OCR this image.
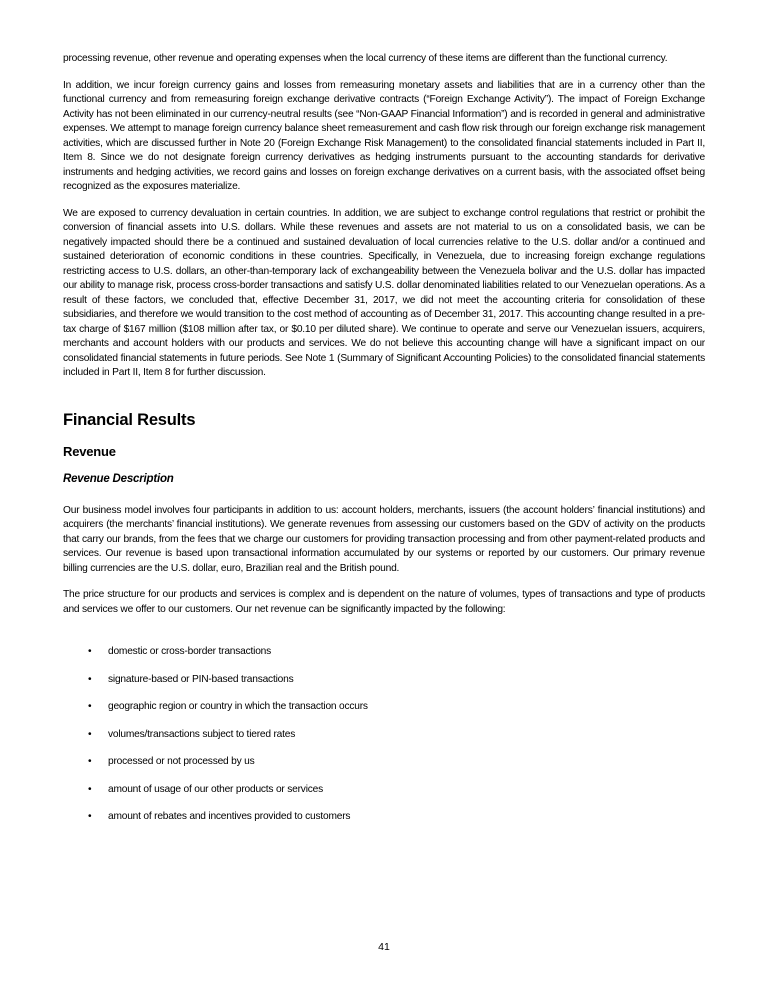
processing revenue, other revenue and operating expenses when the local currency of these items are different than the functional currency.

In addition, we incur foreign currency gains and losses from remeasuring monetary assets and liabilities that are in a currency other than the functional currency and from remeasuring foreign exchange derivative contracts (“Foreign Exchange Activity”). The impact of Foreign Exchange Activity has not been eliminated in our currency-neutral results (see “Non-GAAP Financial Information”) and is recorded in general and administrative expenses. We attempt to manage foreign currency balance sheet remeasurement and cash flow risk through our foreign exchange risk management activities, which are discussed further in Note 20 (Foreign Exchange Risk Management) to the consolidated financial statements included in Part II, Item 8. Since we do not designate foreign currency derivatives as hedging instruments pursuant to the accounting standards for derivative instruments and hedging activities, we record gains and losses on foreign exchange derivatives on a current basis, with the associated offset being recognized as the exposures materialize.

We are exposed to currency devaluation in certain countries. In addition, we are subject to exchange control regulations that restrict or prohibit the conversion of financial assets into U.S. dollars. While these revenues and assets are not material to us on a consolidated basis, we can be negatively impacted should there be a continued and sustained devaluation of local currencies relative to the U.S. dollar and/or a continued and sustained deterioration of economic conditions in these countries. Specifically, in Venezuela, due to increasing foreign exchange regulations restricting access to U.S. dollars, an other-than-temporary lack of exchangeability between the Venezuela bolivar and the U.S. dollar has impacted our ability to manage risk, process cross-border transactions and satisfy U.S. dollar denominated liabilities related to our Venezuelan operations. As a result of these factors, we concluded that, effective December 31, 2017, we did not meet the accounting criteria for consolidation of these subsidiaries, and therefore we would transition to the cost method of accounting as of December 31, 2017. This accounting change resulted in a pre-tax charge of $167 million ($108 million after tax, or $0.10 per diluted share). We continue to operate and serve our Venezuelan issuers, acquirers, merchants and account holders with our products and services. We do not believe this accounting change will have a significant impact on our consolidated financial statements in future periods. See Note 1 (Summary of Significant Accounting Policies) to the consolidated financial statements included in Part II, Item 8 for further discussion.

Financial Results
Revenue
Revenue Description

Our business model involves four participants in addition to us: account holders, merchants, issuers (the account holders’ financial institutions) and acquirers (the merchants’ financial institutions). We generate revenues from assessing our customers based on the GDV of activity on the products that carry our brands, from the fees that we charge our customers for providing transaction processing and from other payment-related products and services. Our revenue is based upon transactional information accumulated by our systems or reported by our customers. Our primary revenue billing currencies are the U.S. dollar, euro, Brazilian real and the British pound.

The price structure for our products and services is complex and is dependent on the nature of volumes, types of transactions and type of products and services we offer to our customers. Our net revenue can be significantly impacted by the following:

•	domestic or cross-border transactions
•	signature-based or PIN-based transactions
•	geographic region or country in which the transaction occurs
•	volumes/transactions subject to tiered rates
•	processed or not processed by us
•	amount of usage of our other products or services
•	amount of rebates and incentives provided to customers
41
